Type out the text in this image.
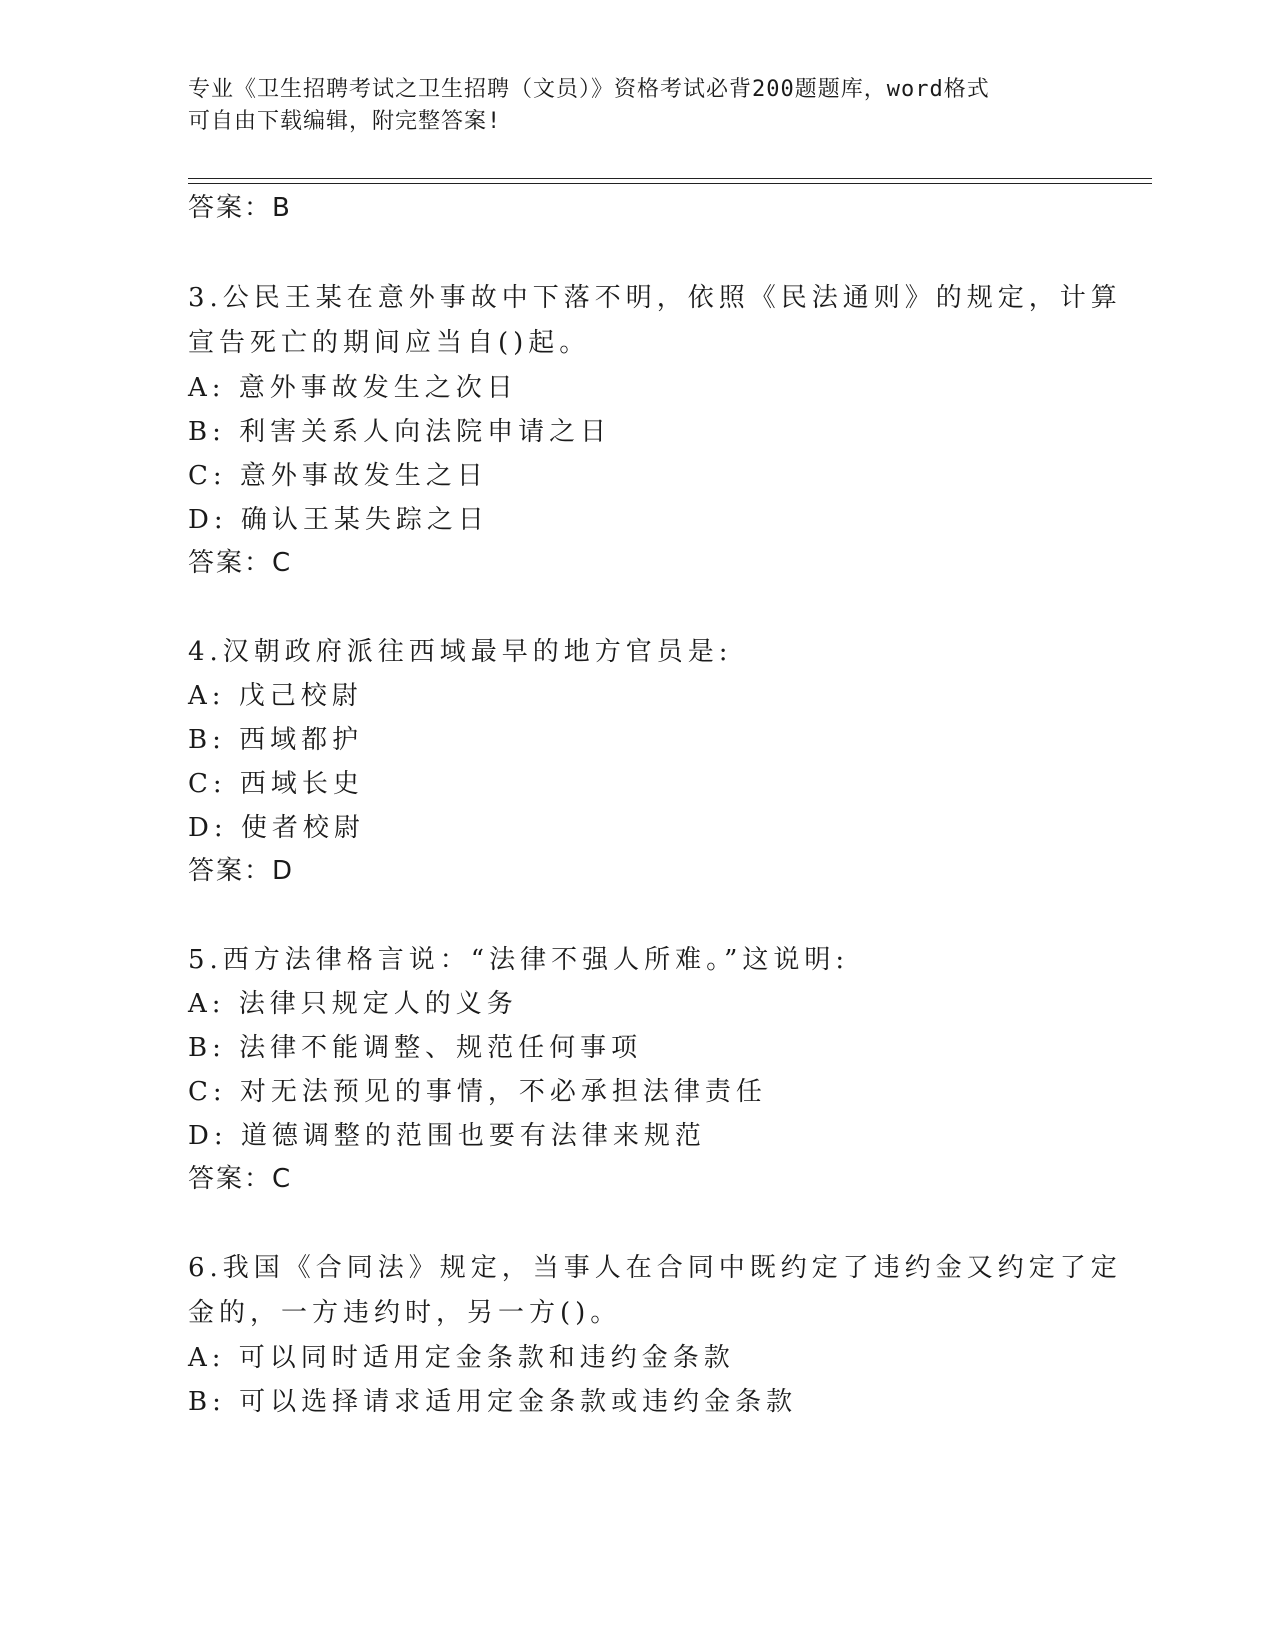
专业《卫生招聘考试之卫生招聘（文员）》资格考试必背200题题库，word格式
可自由下载编辑，附完整答案!
答案：B
3.公民王某在意外事故中下落不明，依照《民法通则》的规定，计算
宣告死亡的期间应当自()起。
A: 意外事故发生之次日
B: 利害关系人向法院申请之日
C: 意外事故发生之日
D: 确认王某失踪之日
答案：C
4.汉朝政府派往西域最早的地方官员是:
A: 戊己校尉
B: 西域都护
C: 西域长史
D: 使者校尉
答案：D
5.西方法律格言说：“法律不强人所难。”这说明:
A: 法律只规定人的义务
B: 法律不能调整、规范任何事项
C: 对无法预见的事情，不必承担法律责任
D: 道德调整的范围也要有法律来规范
答案：C
6.我国《合同法》规定，当事人在合同中既约定了违约金又约定了定
金的，一方违约时，另一方()。
A: 可以同时适用定金条款和违约金条款
B: 可以选择请求适用定金条款或违约金条款
